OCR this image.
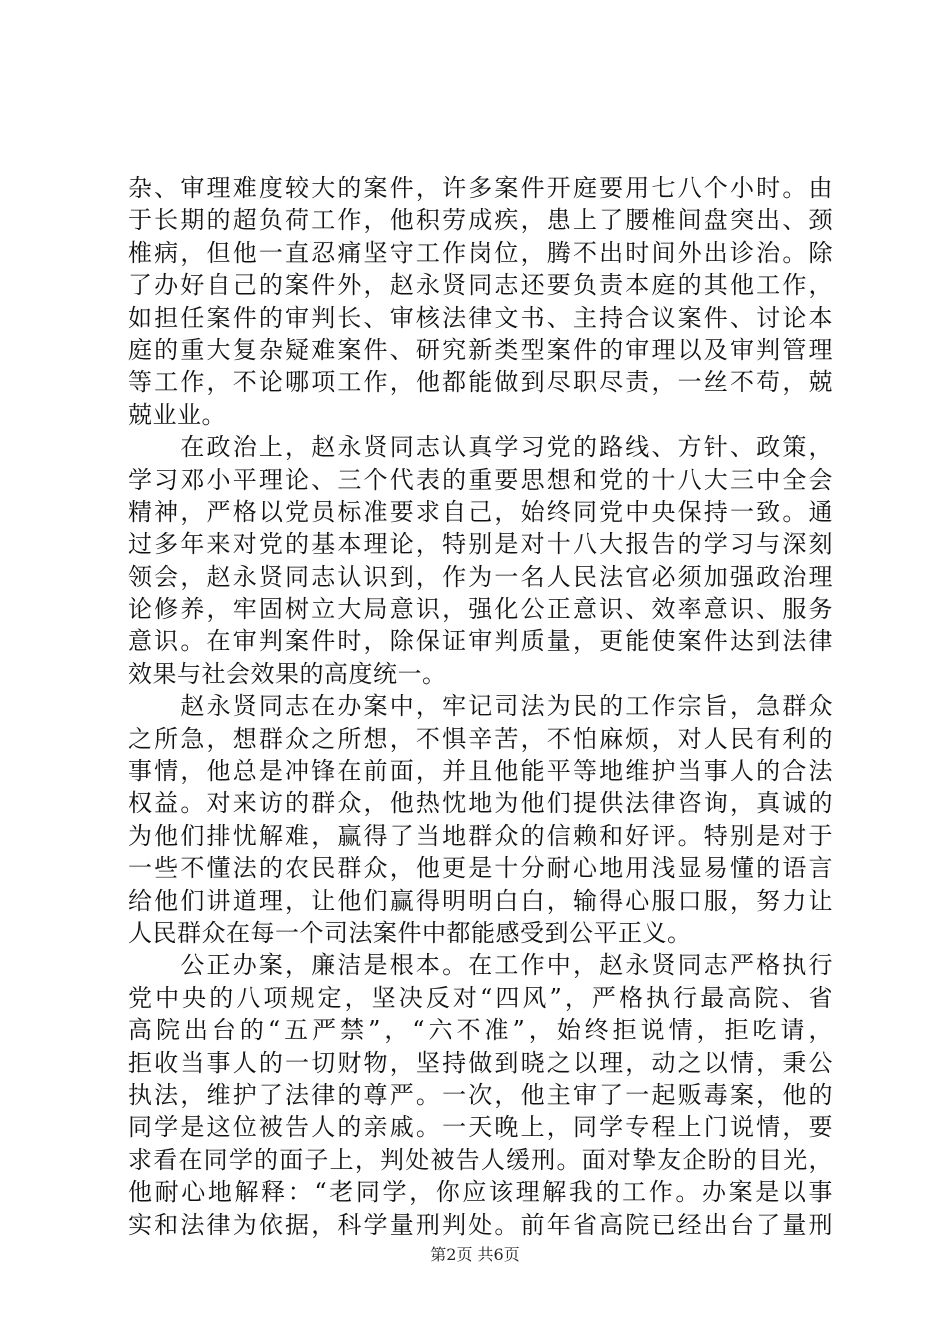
杂、审理难度较大的案件，许多案件开庭要用七八个小时。由
于长期的超负荷工作，他积劳成疾，患上了腰椎间盘突出、颈
椎病，但他一直忍痛坚守工作岗位，腾不出时间外出诊治。除
了办好自己的案件外，赵永贤同志还要负责本庭的其他工作，
如担任案件的审判长、审核法律文书、主持合议案件、讨论本
庭的重大复杂疑难案件、研究新类型案件的审理以及审判管理
等工作，不论哪项工作，他都能做到尽职尽责，一丝不苟，兢
兢业业。
　　在政治上，赵永贤同志认真学习党的路线、方针、政策，
学习邓小平理论、三个代表的重要思想和党的十八大三中全会
精神，严格以党员标准要求自己，始终同党中央保持一致。通
过多年来对党的基本理论，特别是对十八大报告的学习与深刻
领会，赵永贤同志认识到，作为一名人民法官必须加强政治理
论修养，牢固树立大局意识，强化公正意识、效率意识、服务
意识。在审判案件时，除保证审判质量，更能使案件达到法律
效果与社会效果的高度统一。
　　赵永贤同志在办案中，牢记司法为民的工作宗旨，急群众
之所急，想群众之所想，不惧辛苦，不怕麻烦，对人民有利的
事情，他总是冲锋在前面，并且他能平等地维护当事人的合法
权益。对来访的群众，他热忱地为他们提供法律咨询，真诚的
为他们排忧解难，赢得了当地群众的信赖和好评。特别是对于
一些不懂法的农民群众，他更是十分耐心地用浅显易懂的语言
给他们讲道理，让他们赢得明明白白，输得心服口服，努力让
人民群众在每一个司法案件中都能感受到公平正义。
　　公正办案，廉洁是根本。在工作中，赵永贤同志严格执行
党中央的八项规定，坚决反对“四风”，严格执行最高院、省
高院出台的“五严禁”，“六不准”，始终拒说情，拒吃请，
拒收当事人的一切财物，坚持做到晓之以理，动之以情，秉公
执法，维护了法律的尊严。一次，他主审了一起贩毒案，他的
同学是这位被告人的亲戚。一天晚上，同学专程上门说情，要
求看在同学的面子上，判处被告人缓刑。面对挚友企盼的目光，
他耐心地解释：“老同学，你应该理解我的工作。办案是以事
实和法律为依据，科学量刑判处。前年省高院已经出台了量刑
第2页 共6页
